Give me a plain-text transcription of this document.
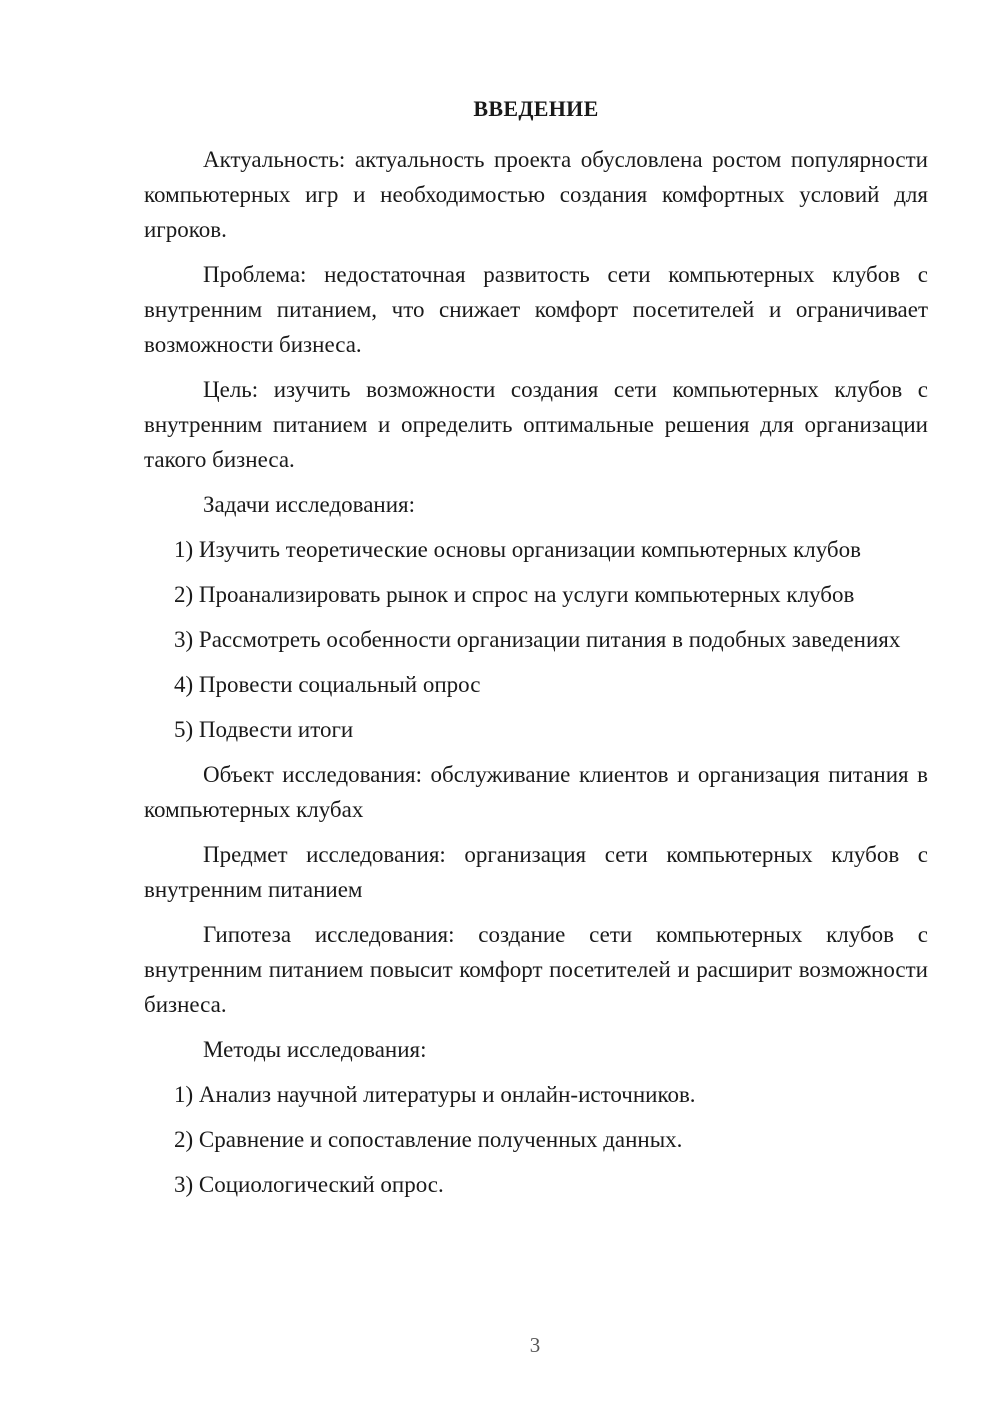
ВВЕДЕНИЕ

Актуальность: актуальность проекта обусловлена ростом популярности компьютерных игр и необходимостью создания комфортных условий для игроков.

Проблема: недостаточная развитость сети компьютерных клубов с внутренним питанием, что снижает комфорт посетителей и ограничивает возможности бизнеса.

Цель: изучить возможности создания сети компьютерных клубов с внутренним питанием и определить оптимальные решения для организации такого бизнеса.

Задачи исследования:

1) Изучить теоретические основы организации компьютерных клубов

2) Проанализировать рынок и спрос на услуги компьютерных клубов

3) Рассмотреть особенности организации питания в подобных заведениях

4) Провести социальный опрос

5) Подвести итоги

Объект исследования: обслуживание клиентов и организация питания в компьютерных клубах

Предмет исследования: организация сети компьютерных клубов с внутренним питанием

Гипотеза исследования: создание сети компьютерных клубов с внутренним питанием повысит комфорт посетителей и расширит возможности бизнеса.

Методы исследования:

1) Анализ научной литературы и онлайн-источников.

2) Сравнение и сопоставление полученных данных.

3) Социологический опрос.

3
